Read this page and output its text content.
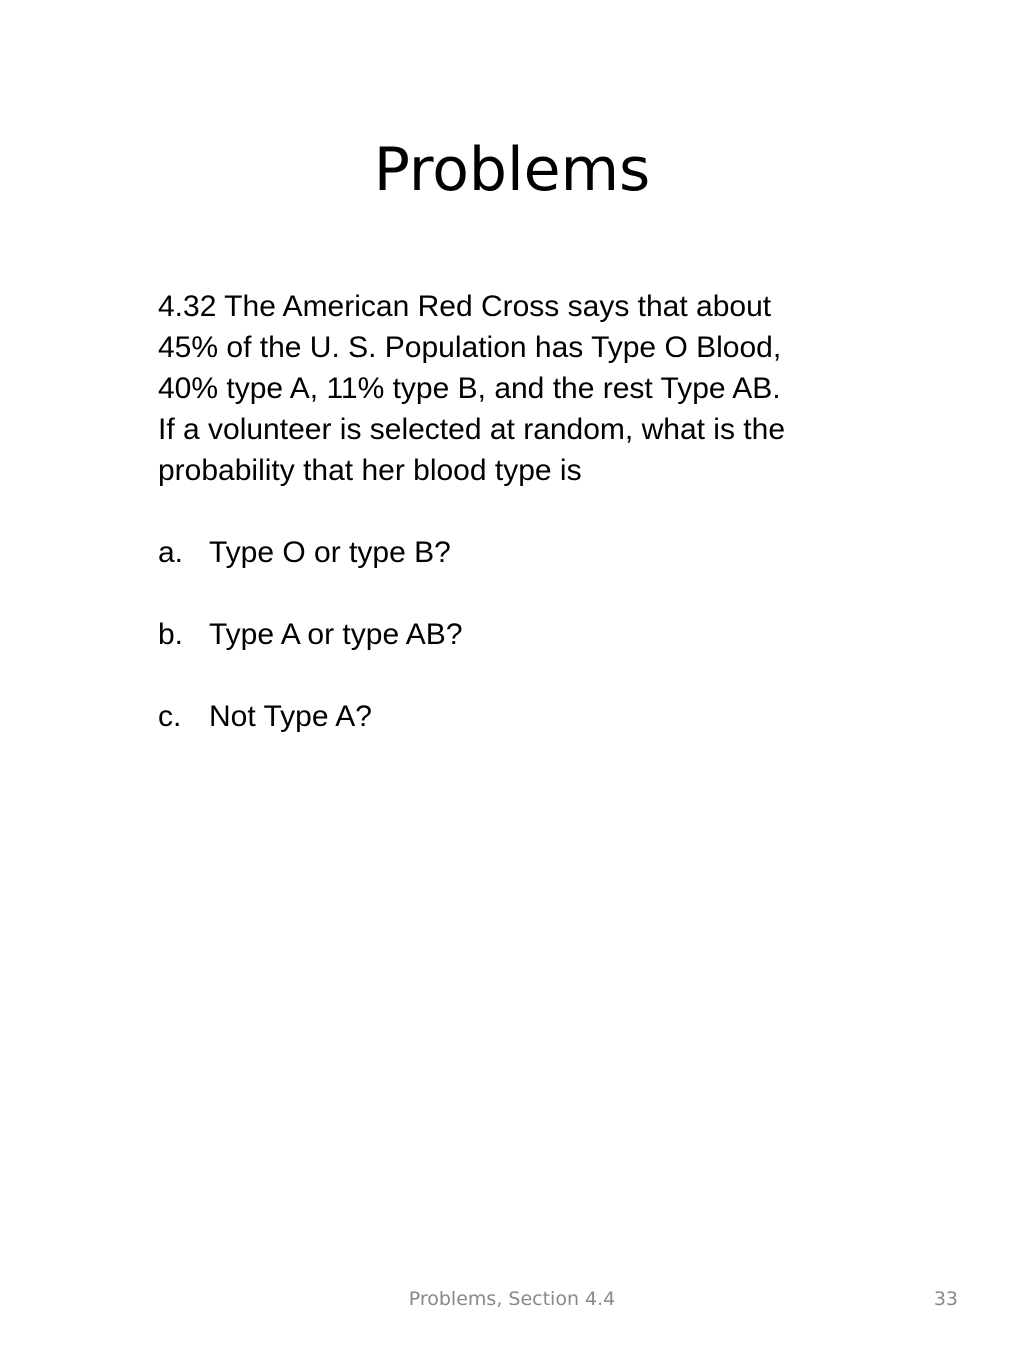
Problems

4.32 The American Red Cross says that about
45% of the U. S. Population has Type O Blood,
40% type A, 11% type B, and the rest Type AB.
If a volunteer is selected at random, what is the
probability that her blood type is

a. Type O or type B?
b. Type A or type AB?
c. Not Type A?
Problems, Section 4.4	33
